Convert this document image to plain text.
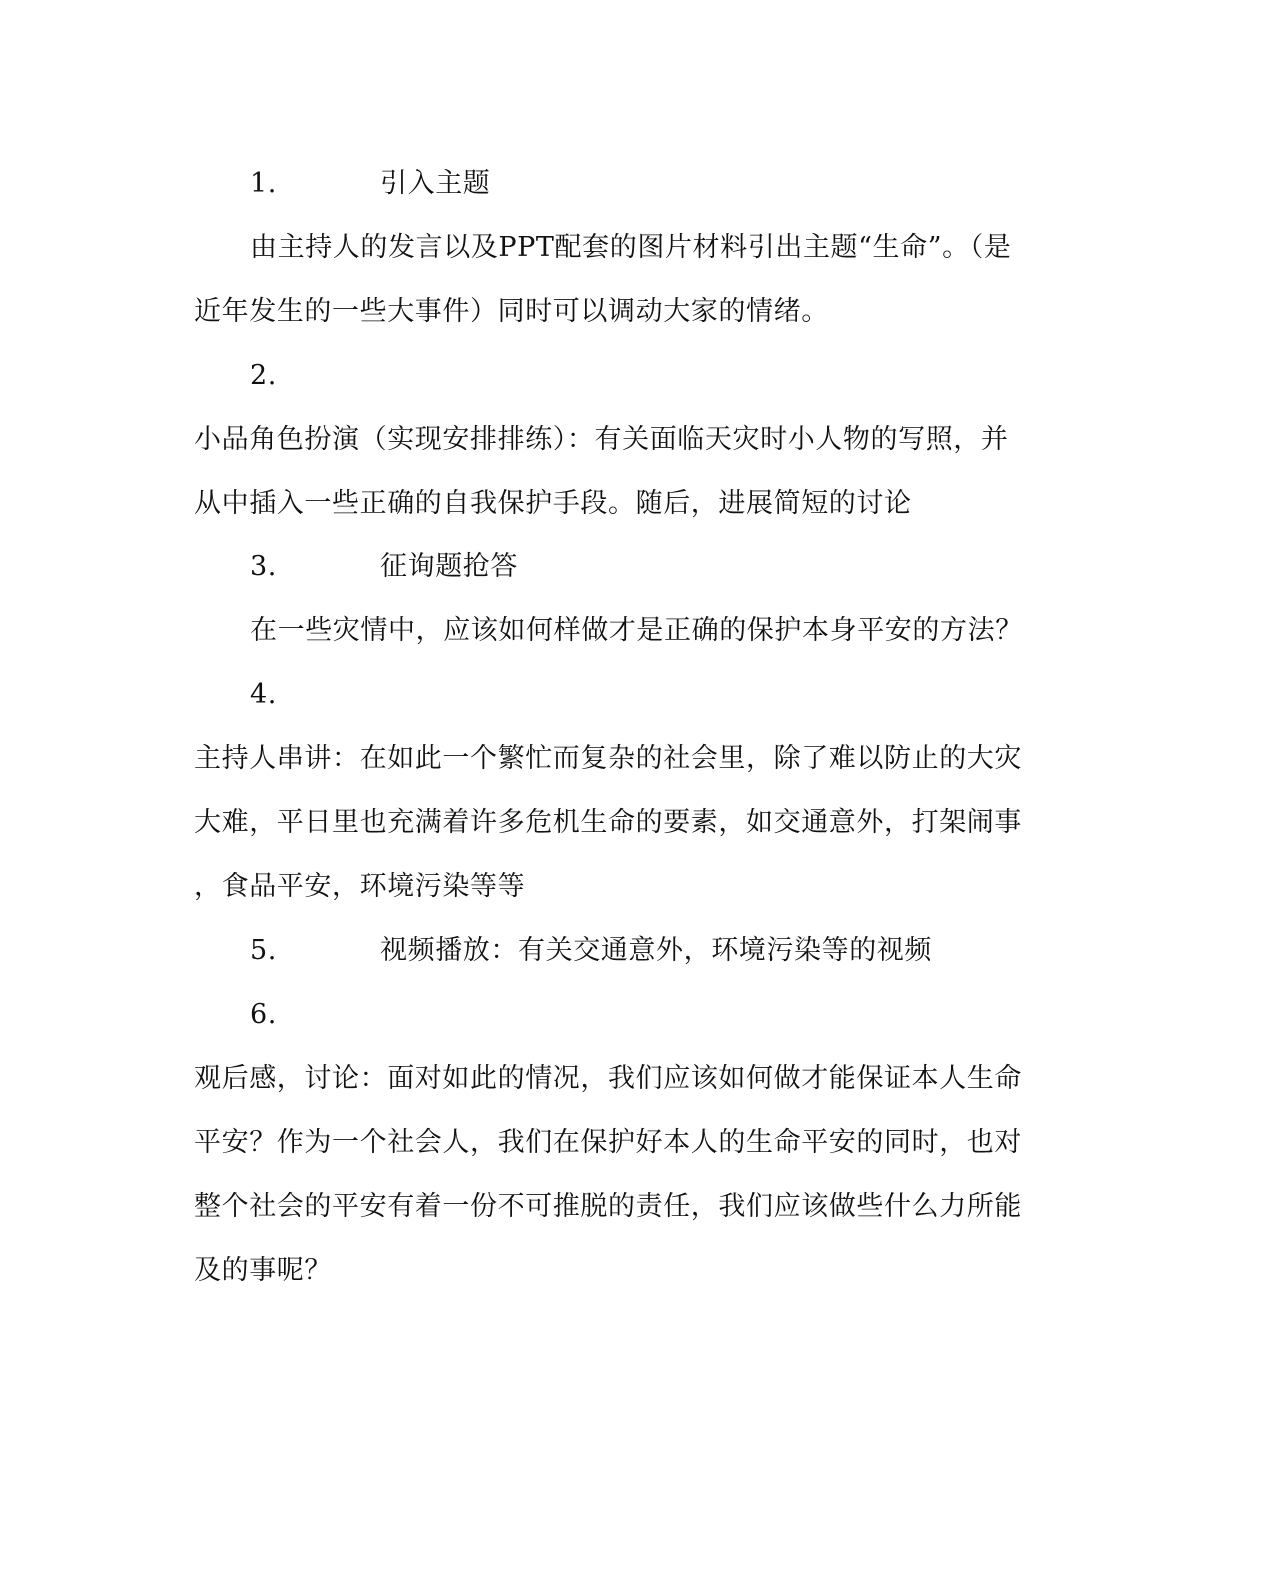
1.	引入主题
由主持人的发言以及PPT配套的图片材料引出主题“生命”。（是
近年发生的一些大事件）同时可以调动大家的情绪。
2.
小品角色扮演（实现安排排练）：有关面临天灾时小人物的写照，并
从中插入一些正确的自我保护手段。随后，进展简短的讨论
3.	征询题抢答
在一些灾情中，应该如何样做才是正确的保护本身平安的方法？
4.
主持人串讲：在如此一个繁忙而复杂的社会里，除了难以防止的大灾
大难，平日里也充满着许多危机生命的要素，如交通意外，打架闹事
，食品平安，环境污染等等
5.	视频播放：有关交通意外，环境污染等的视频
6.
观后感，讨论：面对如此的情况，我们应该如何做才能保证本人生命
平安？作为一个社会人，我们在保护好本人的生命平安的同时，也对
整个社会的平安有着一份不可推脱的责任，我们应该做些什么力所能
及的事呢？
